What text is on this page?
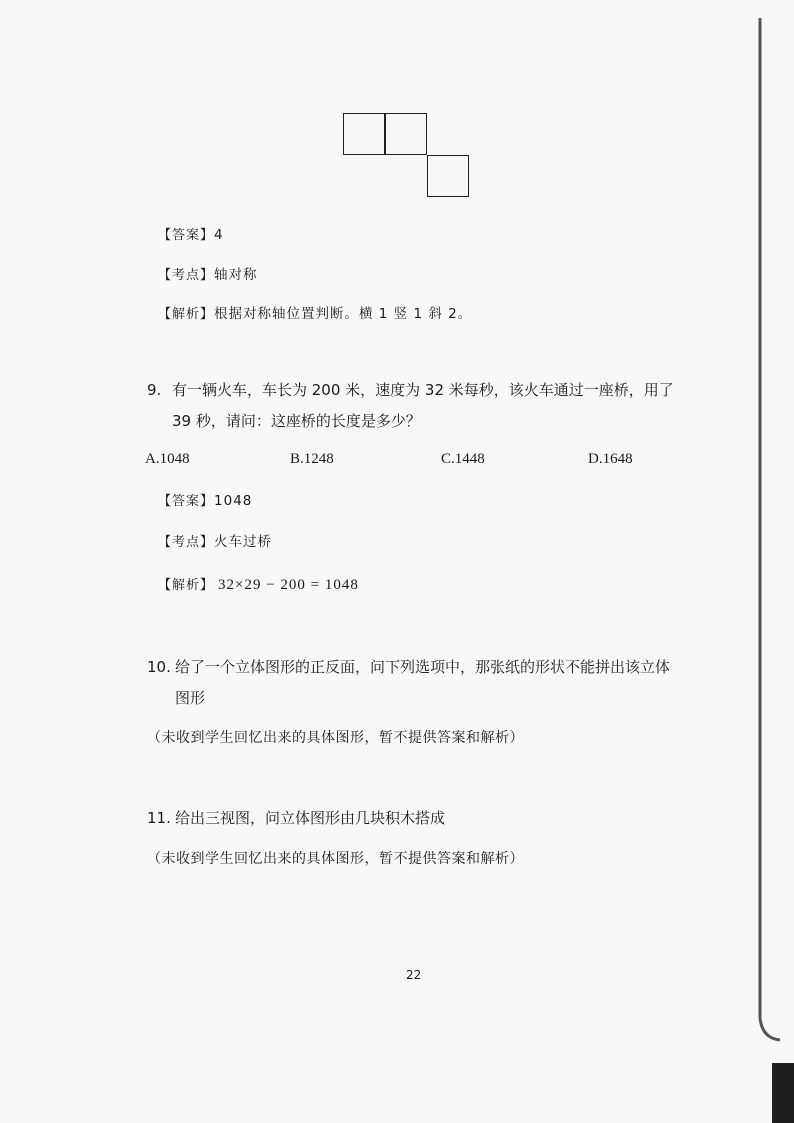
【答案】4
【考点】轴对称
【解析】根据对称轴位置判断。横 1 竖 1 斜 2。
9. 有一辆火车，车长为 200 米，速度为 32 米每秒，该火车通过一座桥，用了
39 秒，请问：这座桥的长度是多少？
A.1048	B.1248	C.1448	D.1648
【答案】1048
【考点】火车过桥
【解析】 32×29 − 200 = 1048
10. 给了一个立体图形的正反面，问下列选项中，那张纸的形状不能拼出该立体
图形
（未收到学生回忆出来的具体图形，暂不提供答案和解析）
11. 给出三视图，问立体图形由几块积木搭成
（未收到学生回忆出来的具体图形，暂不提供答案和解析）
22
